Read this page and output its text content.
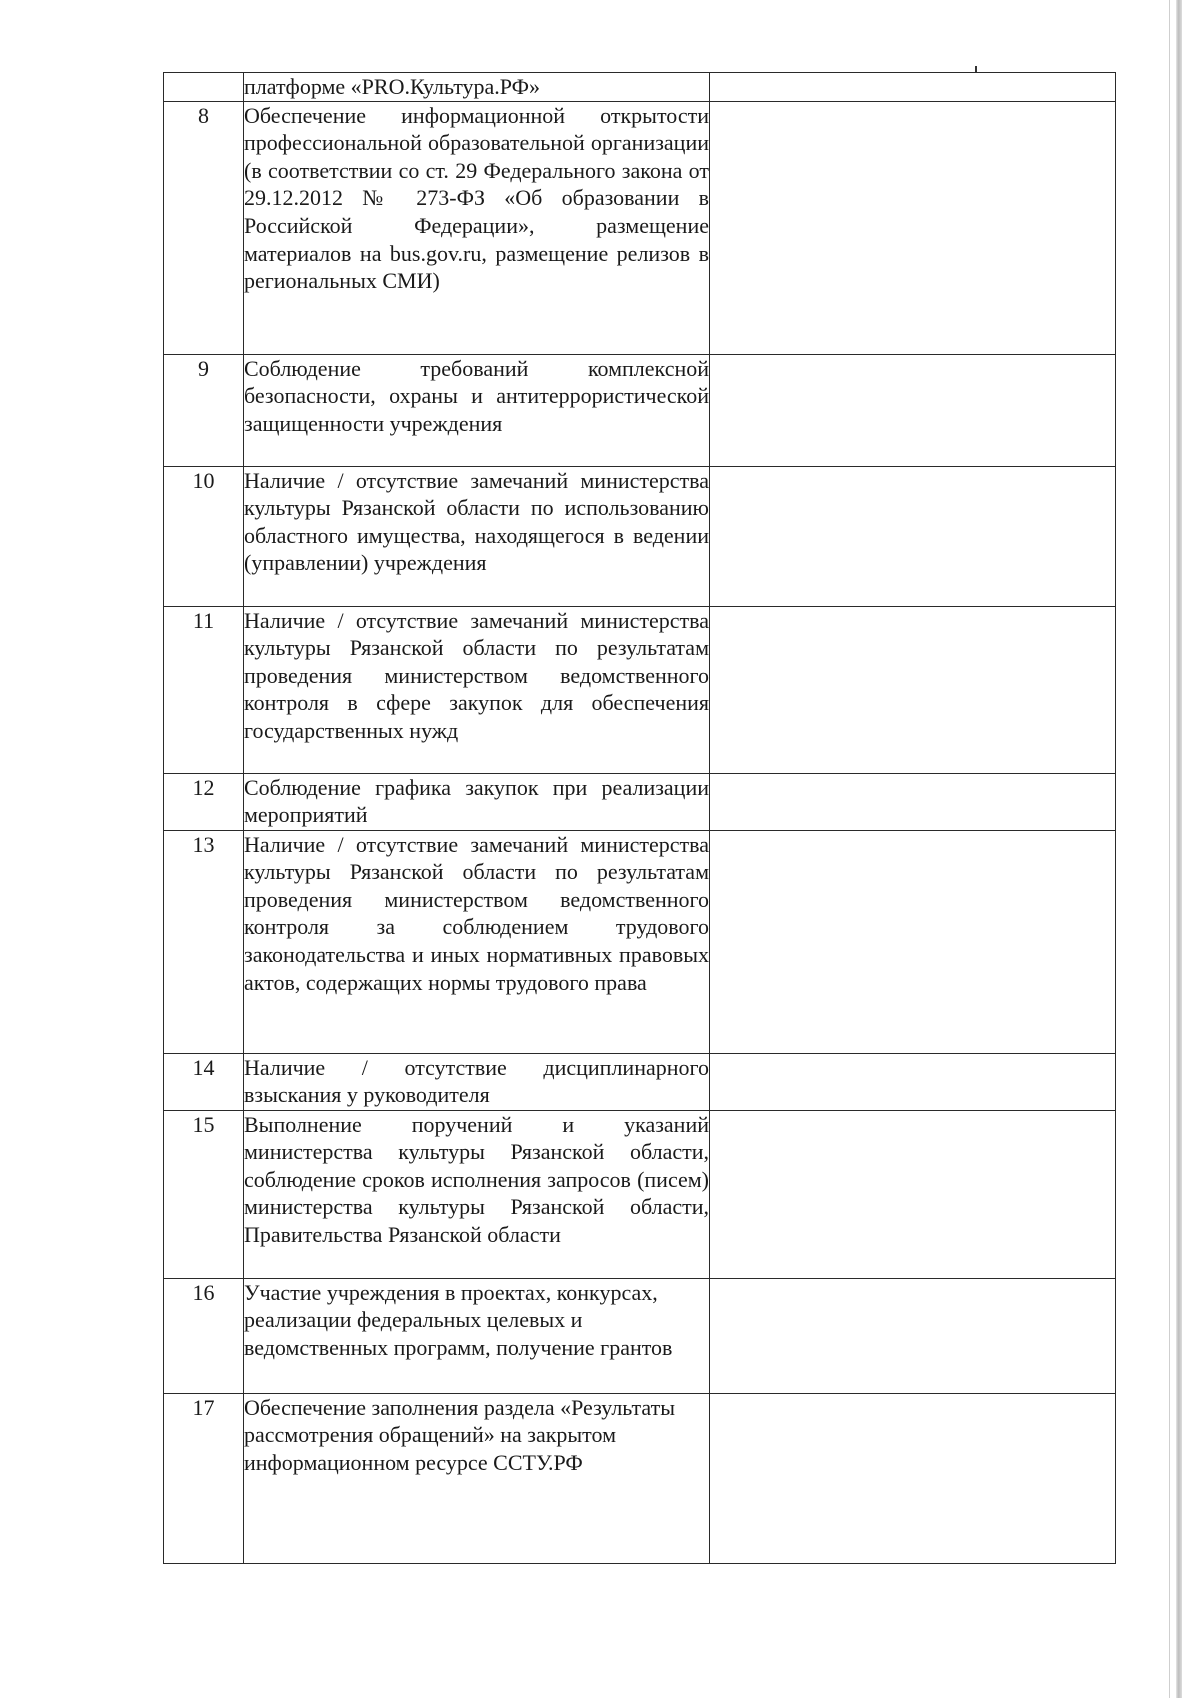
	платформе «PRO.Культура.РФ»	
8	Обеспечение информационной открытости профессиональной образовательной организации (в соответствии со ст. 29 Федерального закона от 29.12.2012 № 273-ФЗ «Об образовании в Российской Федерации», размещение материалов на bus.gov.ru, размещение релизов в региональных СМИ)	
9	Соблюдение требований комплексной безопасности, охраны и антитеррористической защищенности учреждения	
10	Наличие / отсутствие замечаний министерства культуры Рязанской области по использованию областного имущества, находящегося в ведении (управлении) учреждения	
11	Наличие / отсутствие замечаний министерства культуры Рязанской области по результатам проведения министерством ведомственного контроля в сфере закупок для обеспечения государственных нужд	
12	Соблюдение графика закупок при реализации мероприятий	
13	Наличие / отсутствие замечаний министерства культуры Рязанской области по результатам проведения министерством ведомственного контроля за соблюдением трудового законодательства и иных нормативных правовых актов, содержащих нормы трудового права	
14	Наличие / отсутствие дисциплинарного взыскания у руководителя	
15	Выполнение поручений и указаний министерства культуры Рязанской области, соблюдение сроков исполнения запросов (писем) министерства культуры Рязанской области, Правительства Рязанской области	
16	Участие учреждения в проектах, конкурсах, реализации федеральных целевых и ведомственных программ, получение грантов	
17	Обеспечение заполнения раздела «Результаты рассмотрения обращений» на закрытом информационном ресурсе ССТУ.РФ	
